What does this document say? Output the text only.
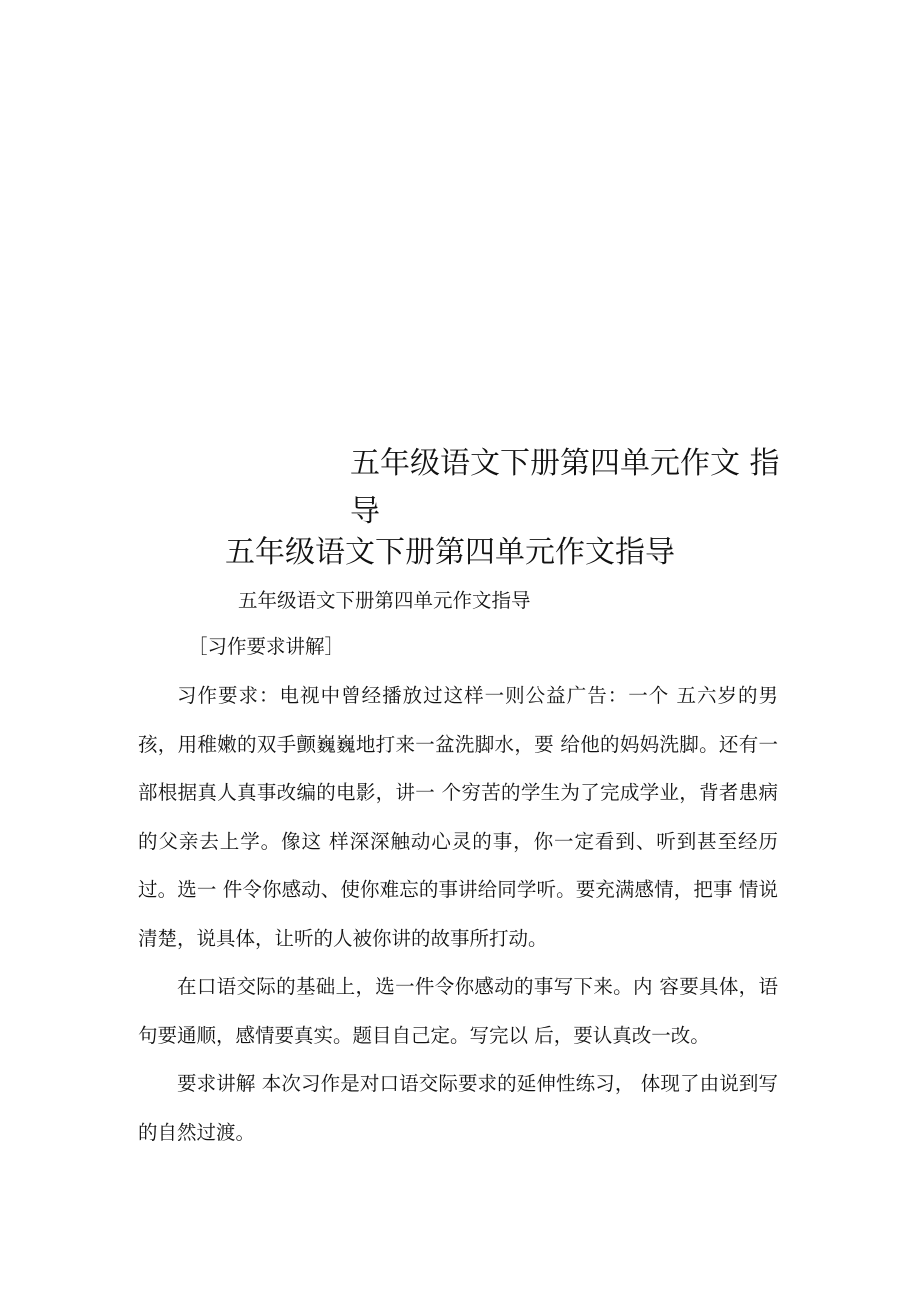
五年级语文下册第四单元作文 指导
五年级语文下册第四单元作文指导
五年级语文下册第四单元作文指导
［习作要求讲解］
习作要求：电视中曾经播放过这样一则公益广告：一个 五六岁的男孩，用稚嫩的双手颤巍巍地打来一盆洗脚水，要 给他的妈妈洗脚。还有一部根据真人真事改编的电影，讲一 个穷苦的学生为了完成学业，背者患病的父亲去上学。像这 样深深触动心灵的事，你一定看到、听到甚至经历过。选一 件令你感动、使你难忘的事讲给同学听。要充满感情，把事 情说清楚，说具体，让听的人被你讲的故事所打动。
在口语交际的基础上，选一件令你感动的事写下来。内 容要具体，语句要通顺，感情要真实。题目自己定。写完以 后，要认真改一改。
要求讲解 本次习作是对口语交际要求的延伸性练习， 体现了由说到写的自然过渡。
